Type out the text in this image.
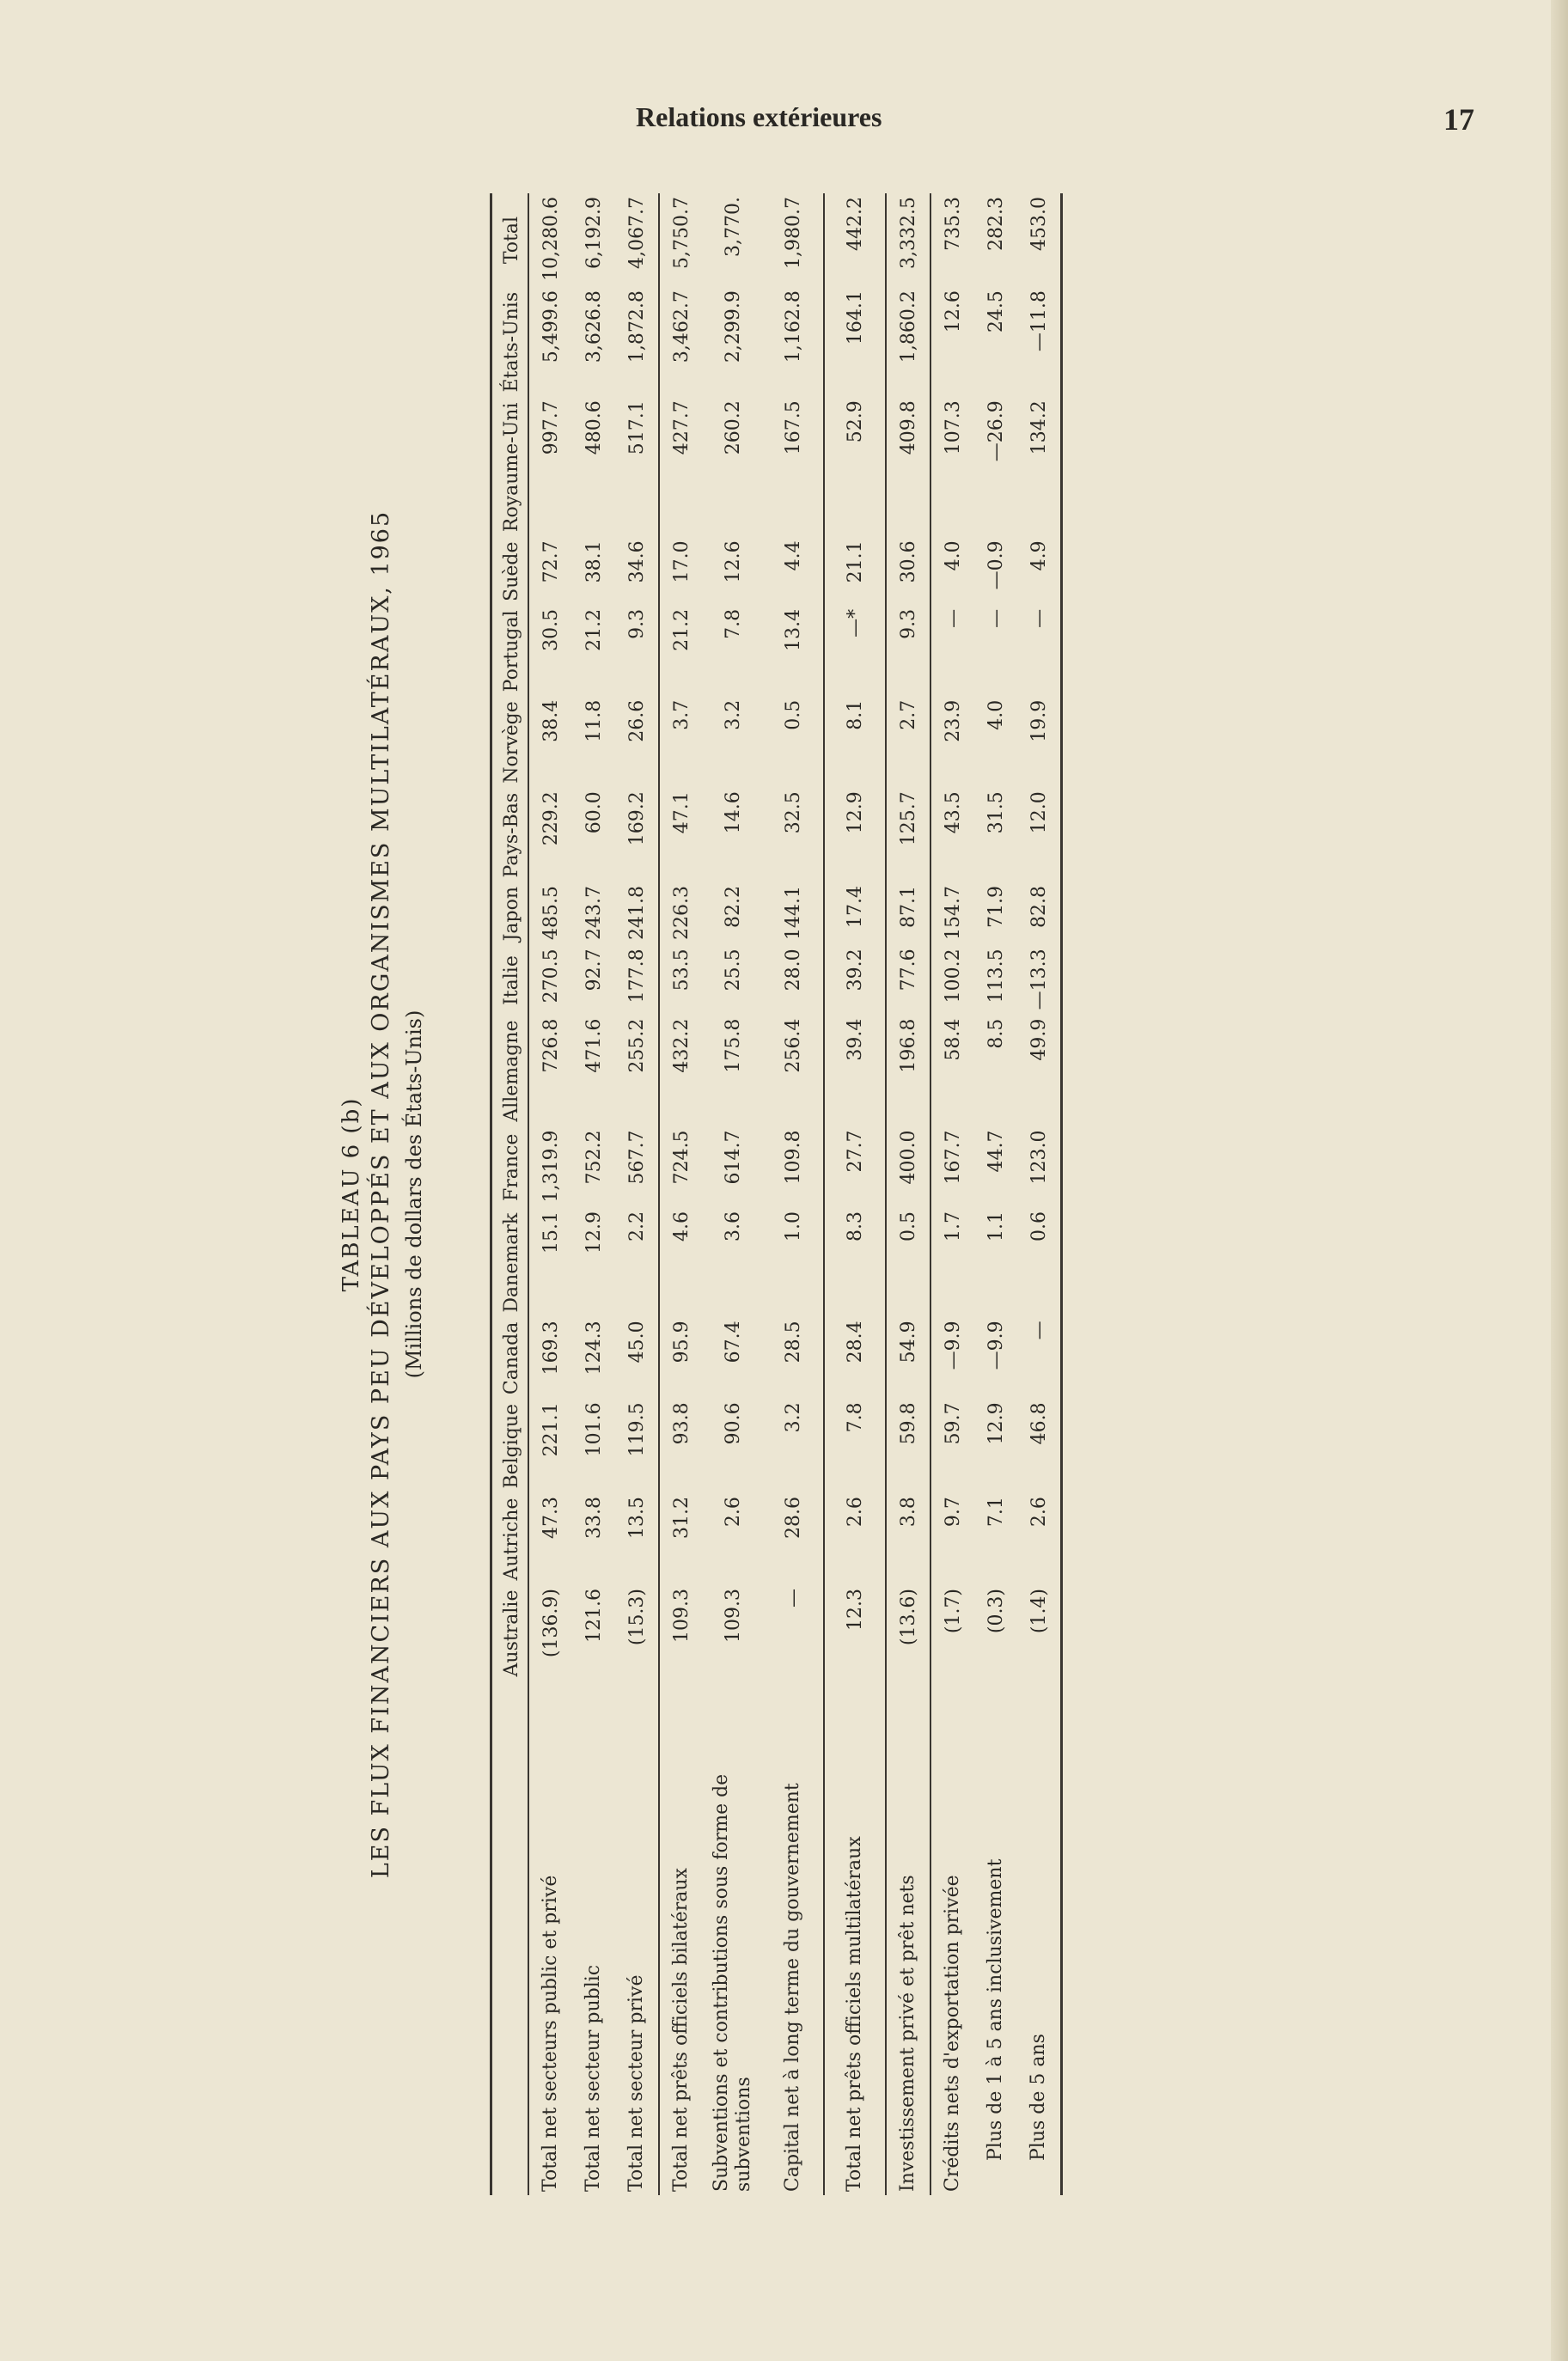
Relations extérieures	17
TABLEAU 6 (b) LES FLUX FINANCIERS AUX PAYS PEU DÉVELOPPÉS ET AUX ORGANISMES MULTILATÉRAUX, 1965 (Millions de dollars des États-Unis)
	Australie	Autriche	Belgique	Canada	Danemark	France	Allemagne	Italie	Japon	Pays-Bas	Norvège	Portugal	Suède	Royaume-Uni	États-Unis	Total
Total net secteurs public et privé	(136.9)	47.3	221.1	169.3	15.1	1,319.9	726.8	270.5	485.5	229.2	38.4	30.5	72.7	997.7	5,499.6	10,280.6
Total net secteur public	121.6	33.8	101.6	124.3	12.9	752.2	471.6	92.7	243.7	60.0	11.8	21.2	38.1	480.6	3,626.8	6,192.9
Total net secteur privé	(15.3)	13.5	119.5	45.0	2.2	567.7	255.2	177.8	241.8	169.2	26.6	9.3	34.6	517.1	1,872.8	4,067.7

Total net prêts officiels bilatéraux	109.3	31.2	93.8	95.9	4.6	724.5	432.2	53.5	226.3	47.1	3.7	21.2	17.0	427.7	3,462.7	5,750.7
Subventions et contributions sous forme de subventions	109.3	2.6	90.6	67.4	3.6	614.7	175.8	25.5	82.2	14.6	3.2	7.8	12.6	260.2	2,299.9	3,770.
Capital net à long terme du gouvernement	—	28.6	3.2	28.5	1.0	109.8	256.4	28.0	144.1	32.5	0.5	13.4	4.4	167.5	1,162.8	1,980.7

Total net prêts officiels multilatéraux	12.3	2.6	7.8	28.4	8.3	27.7	39.4	39.2	17.4	12.9	8.1	—*	21.1	52.9	164.1	442.2

Investissement privé et prêt nets	(13.6)	3.8	59.8	54.9	0.5	400.0	196.8	77.6	87.1	125.7	2.7	9.3	30.6	409.8	1,860.2	3,332.5

Crédits nets d'exportation privée	(1.7)	9.7	59.7	—9.9	1.7	167.7	58.4	100.2	154.7	43.5	23.9	—	4.0	107.3	12.6	735.3
Plus de 1 à 5 ans inclusivement	(0.3)	7.1	12.9	—9.9	1.1	44.7	8.5	113.5	71.9	31.5	4.0	—	—0.9	—26.9	24.5	282.3
Plus de 5 ans	(1.4)	2.6	46.8	—	0.6	123.0	49.9	—13.3	82.8	12.0	19.9	—	4.9	134.2	—11.8	453.0
